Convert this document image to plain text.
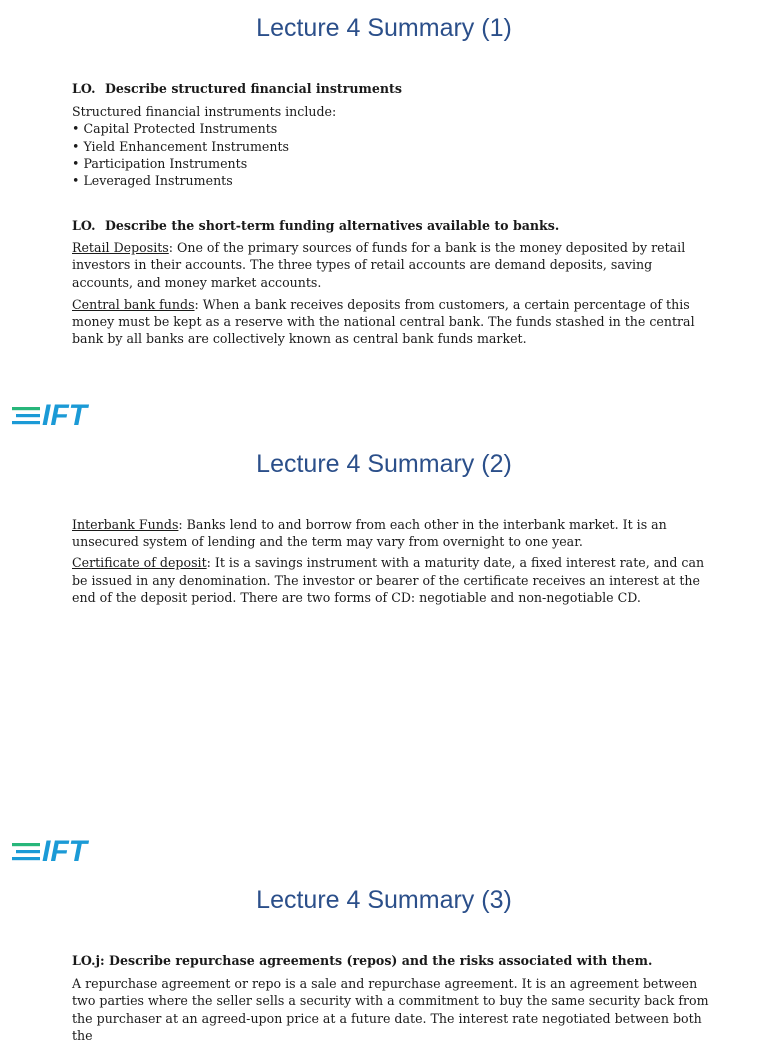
Lecture 4 Summary (1)

LO. Describe structured financial instruments

Structured financial instruments include:

• Capital Protected Instruments
• Yield Enhancement Instruments
• Participation Instruments
• Leveraged Instruments

LO. Describe the short-term funding alternatives available to banks.

Retail Deposits: One of the primary sources of funds for a bank is the money deposited by retail investors in their accounts. The three types of retail accounts are demand deposits, saving accounts, and money market accounts.

Central bank funds: When a bank receives deposits from customers, a certain percentage of this money must be kept as a reserve with the national central bank. The funds stashed in the central bank by all banks are collectively known as central bank funds market.

IFT
Lecture 4 Summary (2)

Interbank Funds: Banks lend to and borrow from each other in the interbank market. It is an unsecured system of lending and the term may vary from overnight to one year.

Certificate of deposit: It is a savings instrument with a maturity date, a fixed interest rate, and can be issued in any denomination. The investor or bearer of the certificate receives an interest at the end of the deposit period. There are two forms of CD: negotiable and non-negotiable CD.

IFT
Lecture 4 Summary (3)

LO.j: Describe repurchase agreements (repos) and the risks associated with them.

A repurchase agreement or repo is a sale and repurchase agreement. It is an agreement between two parties where the seller sells a security with a commitment to buy the same security back from the purchaser at an agreed-upon price at a future date. The interest rate negotiated between both the
